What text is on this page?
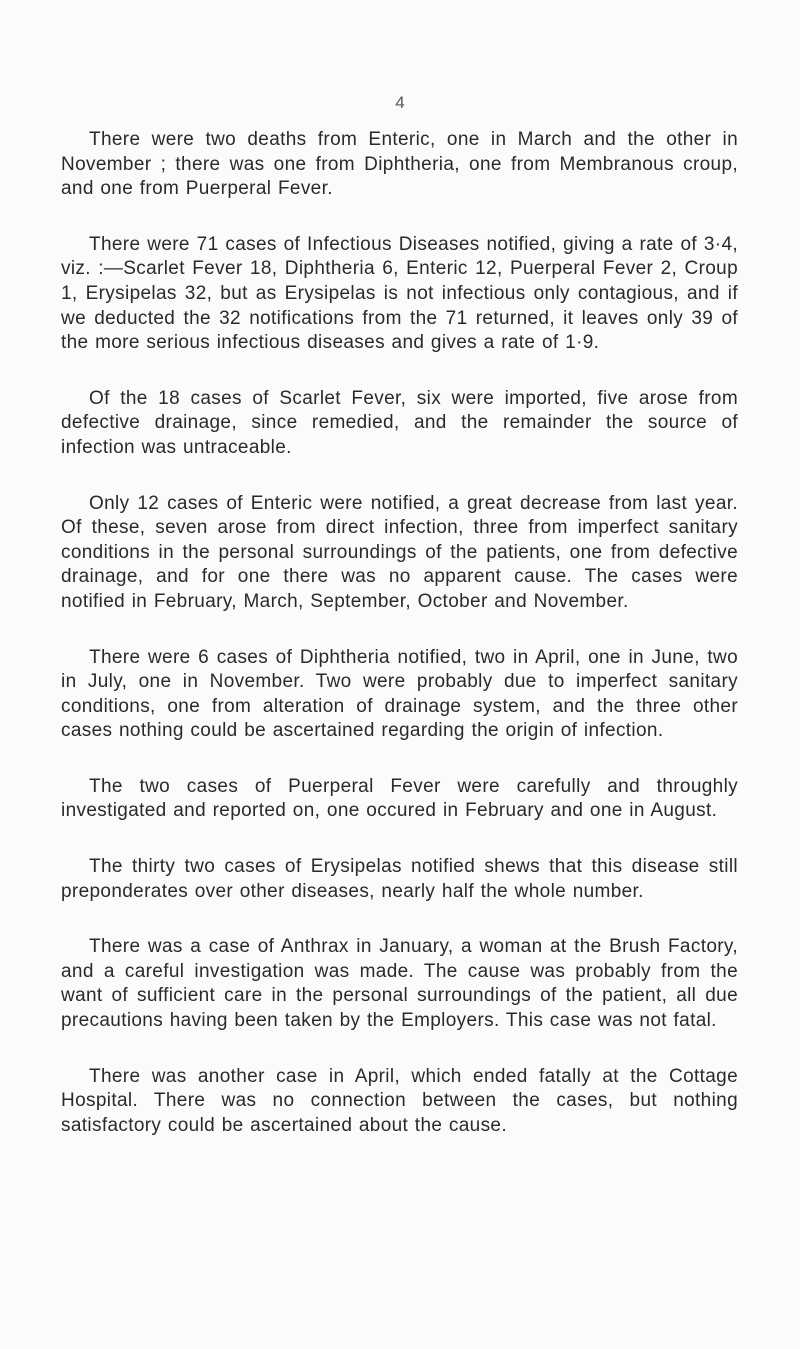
4

There were two deaths from Enteric, one in March and the other in November ; there was one from Diphtheria, one from Membranous croup, and one from Puerperal Fever.

There were 71 cases of Infectious Diseases notified, giving a rate of 3·4, viz. :—Scarlet Fever 18, Diphtheria 6, Enteric 12, Puerperal Fever 2, Croup 1, Erysipelas 32, but as Erysipelas is not infectious only contagious, and if we deducted the 32 notifications from the 71 returned, it leaves only 39 of the more serious infectious diseases and gives a rate of 1·9.

Of the 18 cases of Scarlet Fever, six were imported, five arose from defective drainage, since remedied, and the remainder the source of infection was untraceable.

Only 12 cases of Enteric were notified, a great decrease from last year. Of these, seven arose from direct infection, three from imperfect sanitary conditions in the personal surroundings of the patients, one from defective drainage, and for one there was no apparent cause. The cases were notified in February, March, September, October and November.

There were 6 cases of Diphtheria notified, two in April, one in June, two in July, one in November. Two were probably due to imperfect sanitary conditions, one from alteration of drainage system, and the three other cases nothing could be ascertained regarding the origin of infection.

The two cases of Puerperal Fever were carefully and throughly investigated and reported on, one occured in February and one in August.

The thirty two cases of Erysipelas notified shews that this disease still preponderates over other diseases, nearly half the whole number.

There was a case of Anthrax in January, a woman at the Brush Factory, and a careful investigation was made. The cause was probably from the want of sufficient care in the personal surroundings of the patient, all due precautions having been taken by the Employers. This case was not fatal.

There was another case in April, which ended fatally at the Cottage Hospital. There was no connection between the cases, but nothing satisfactory could be ascertained about the cause.
